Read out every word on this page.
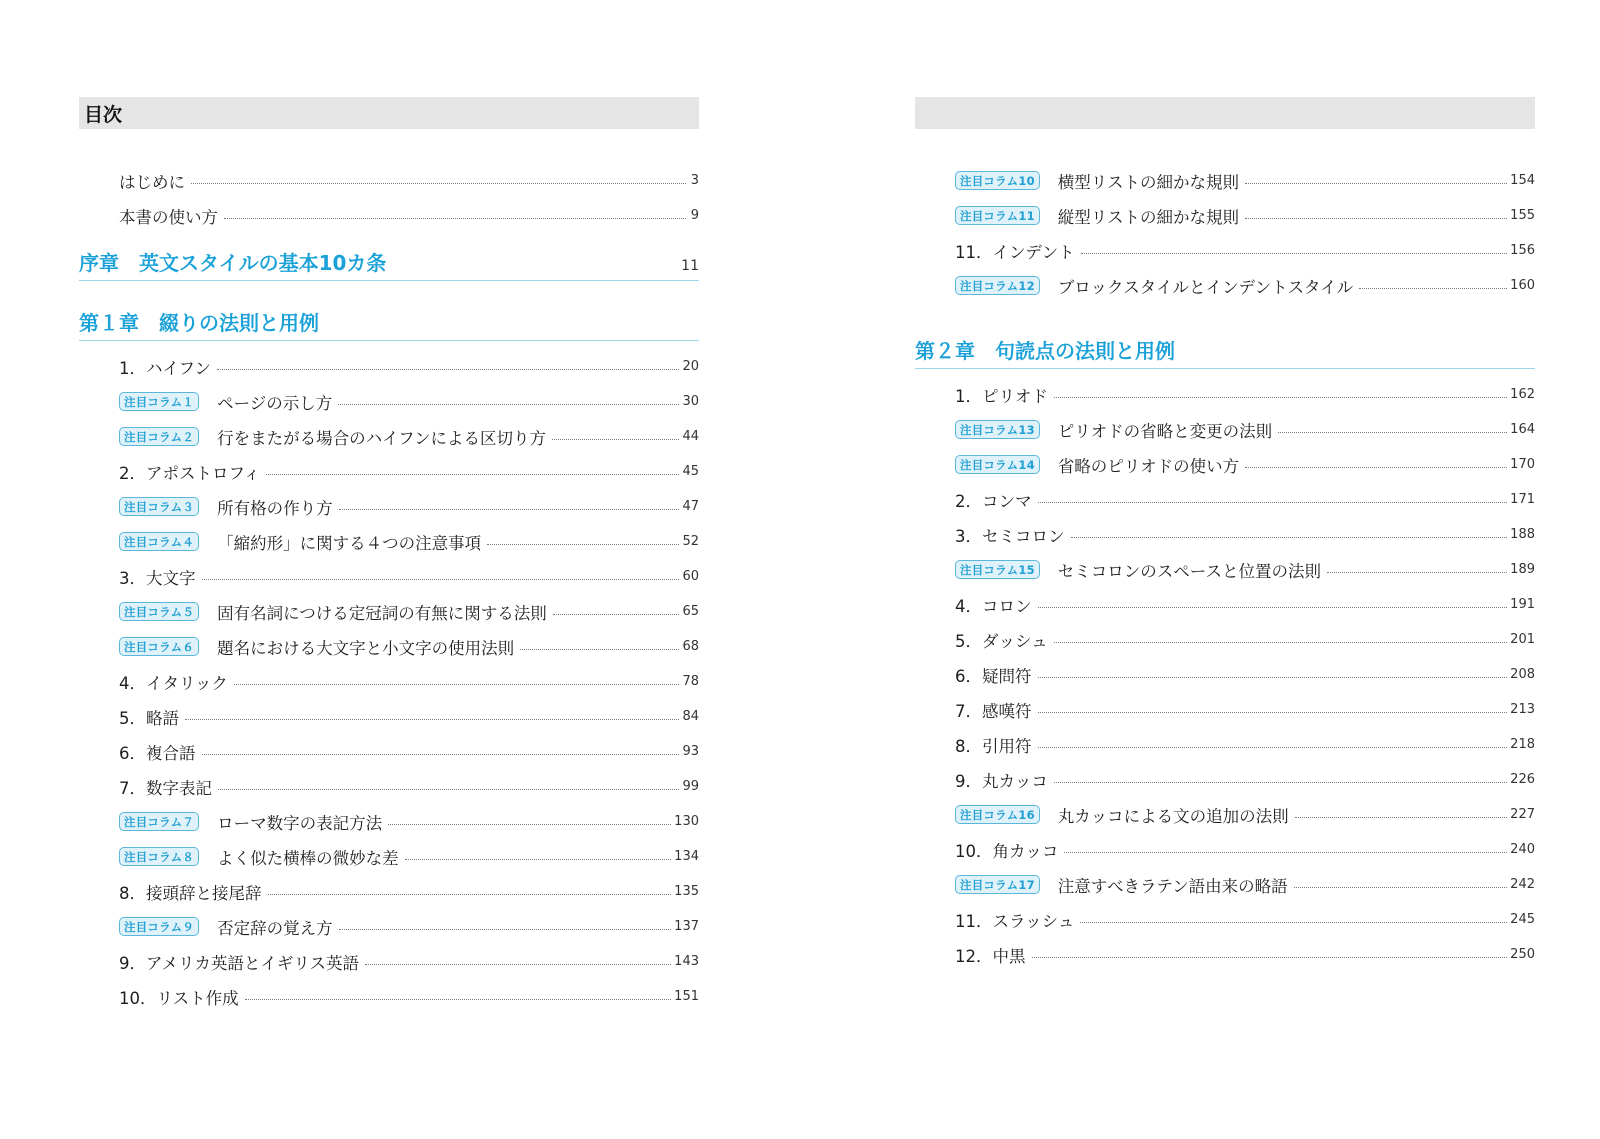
目次
はじめに	3
本書の使い方	9
序章　英文スタイルの基本10カ条	11
第１章　綴りの法則と用例
1．ハイフン	20
注目コラム１	ページの示し方	30
注目コラム２	行をまたがる場合のハイフンによる区切り方	44
2．アポストロフィ	45
注目コラム３	所有格の作り方	47
注目コラム４	「縮約形」に関する４つの注意事項	52
3．大文字	60
注目コラム５	固有名詞につける定冠詞の有無に関する法則	65
注目コラム６	題名における大文字と小文字の使用法則	68
4．イタリック	78
5．略語	84
6．複合語	93
7．数字表記	99
注目コラム７	ローマ数字の表記方法	130
注目コラム８	よく似た横棒の微妙な差	134
8．接頭辞と接尾辞	135
注目コラム９	否定辞の覚え方	137
9．アメリカ英語とイギリス英語	143
10．リスト作成	151
注目コラム10	横型リストの細かな規則	154
注目コラム11	縦型リストの細かな規則	155
11．インデント	156
注目コラム12	ブロックスタイルとインデントスタイル	160
第２章　句読点の法則と用例
1．ピリオド	162
注目コラム13	ピリオドの省略と変更の法則	164
注目コラム14	省略のピリオドの使い方	170
2．コンマ	171
3．セミコロン	188
注目コラム15	セミコロンのスペースと位置の法則	189
4．コロン	191
5．ダッシュ	201
6．疑問符	208
7．感嘆符	213
8．引用符	218
9．丸カッコ	226
注目コラム16	丸カッコによる文の追加の法則	227
10．角カッコ	240
注目コラム17	注意すべきラテン語由来の略語	242
11．スラッシュ	245
12．中黒	250
